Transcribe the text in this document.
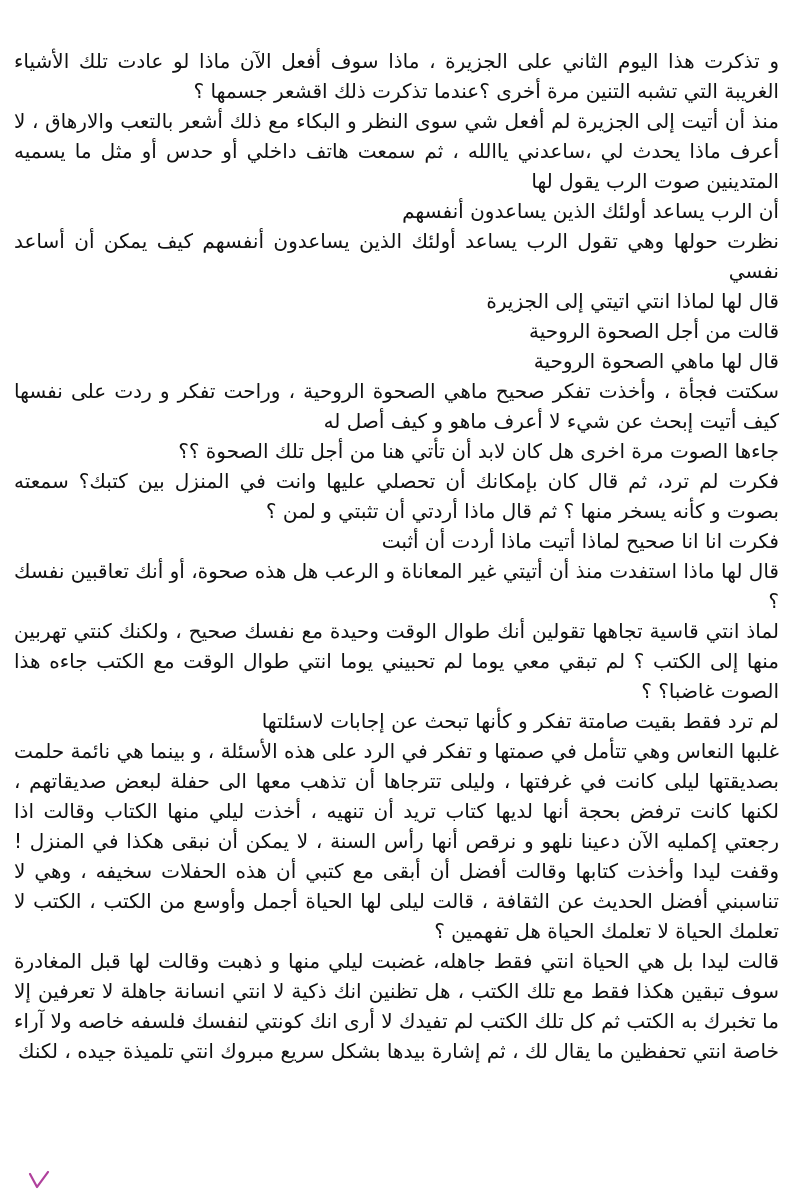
و تذكرت هذا اليوم الثاني على الجزيرة ، ماذا سوف أفعل الآن ماذا لو عادت تلك الأشياء الغريبة التي تشبه التنين مرة أخرى ؟عندما تذكرت ذلك اقشعر جسمها ؟

منذ أن أتيت إلى الجزيرة لم أفعل شي سوى النظر و البكاء مع ذلك أشعر بالتعب والارهاق ، لا أعرف ماذا يحدث لي ،ساعدني ياالله ، ثم سمعت هاتف داخلي أو حدس أو مثل ما يسميه المتدينين صوت الرب يقول لها

أن الرب يساعد أولئك الذين يساعدون أنفسهم

نظرت حولها وهي تقول الرب يساعد أولئك الذين يساعدون أنفسهم كيف يمكن أن أساعد نفسي

قال لها لماذا انتي اتيتي إلى الجزيرة

قالت من أجل الصحوة الروحية

قال لها ماهي الصحوة الروحية

سكتت فجأة ، وأخذت تفكر صحيح ماهي الصحوة الروحية ، وراحت تفكر و ردت على نفسها كيف أتيت إبحث عن شيء لا أعرف ماهو و كيف أصل له

جاءها الصوت مرة اخرى هل كان لابد أن تأتي هنا من أجل تلك الصحوة ؟؟

فكرت لم ترد، ثم قال كان بإمكانك أن تحصلي عليها وانت في المنزل بين كتبك؟ سمعته بصوت و كأنه يسخر منها ؟ ثم قال ماذا أردتي أن تثبتي و لمن ؟

فكرت انا انا صحيح لماذا أتيت ماذا أردت أن أثبت

قال لها ماذا استفدت منذ أن أتيتي غير المعاناة و الرعب هل هذه صحوة، أو أنك تعاقبين نفسك ؟

لماذ انتي قاسية تجاهها تقولين أنك طوال الوقت وحيدة مع نفسك صحيح ، ولكنك كنتي تهربين منها إلى الكتب ؟ لم تبقي معي يوما لم تحبيني يوما انتي طوال الوقت مع الكتب جاءه هذا الصوت غاضبا؟ ؟

لم ترد فقط بقيت صامتة تفكر و كأنها تبحث عن إجابات لاسئلتها

غلبها النعاس وهي تتأمل في صمتها و تفكر في الرد على هذه الأسئلة ، و بينما هي نائمة حلمت بصديقتها ليلى كانت في غرفتها ، وليلى تترجاها أن تذهب معها الى حفلة لبعض صديقاتهم ، لكنها كانت ترفض بحجة أنها لديها كتاب تريد أن تنهيه ، أخذت ليلي منها الكتاب وقالت اذا رجعتي إكمليه الآن دعينا نلهو و نرقص أنها رأس السنة ، لا يمكن أن نبقى هكذا في المنزل ! وقفت ليدا وأخذت كتابها وقالت أفضل أن أبقى مع كتبي أن هذه الحفلات سخيفه ، وهي لا تناسبني أفضل الحديث عن الثقافة ، قالت ليلى لها الحياة أجمل وأوسع من الكتب ، الكتب لا تعلمك الحياة لا تعلمك الحياة هل تفهمين ؟

قالت ليدا بل هي الحياة انتي فقط جاهله، غضبت ليلي منها و ذهبت وقالت لها قبل المغادرة سوف تبقين هكذا فقط مع تلك الكتب ، هل تظنين انك ذكية لا انتي انسانة جاهلة لا تعرفين إلا ما تخبرك به الكتب ثم كل تلك الكتب لم تفيدك لا أرى انك كونتي لنفسك فلسفه خاصه ولا آراء خاصة انتي تحفظين ما يقال لك ، ثم إشارة بيدها بشكل سريع مبروك انتي تلميذة جيده ، لكنك
